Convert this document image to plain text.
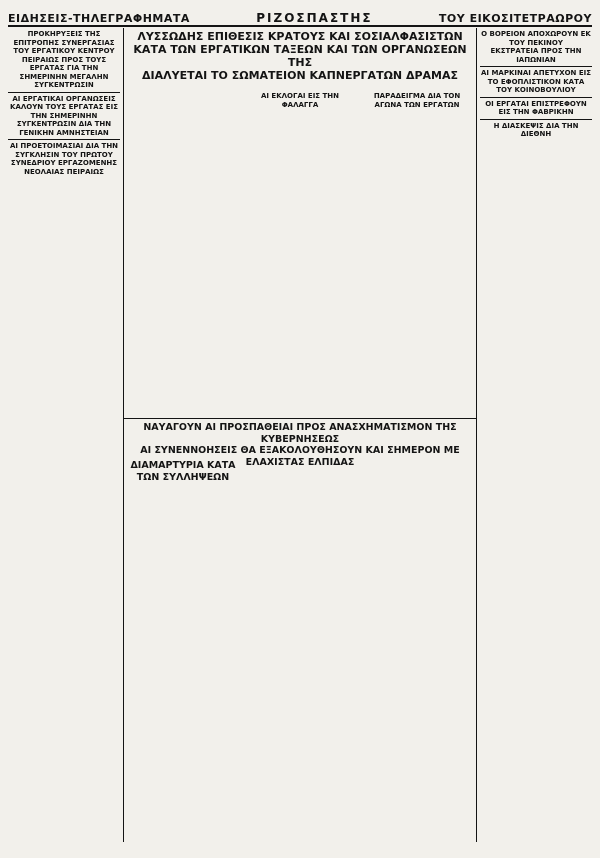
ΕΙΔΗΣΕΙΣ-ΤΗΛΕΓΡΑΦΗΜΑΤΑ	ΡΙΖΟΣΠΑΣΤΗΣ	ΤΟΥ ΕΙΚΟΣΙΤΕΤΡΑΩΡΟΥ

ΠΡΟΚΗΡΥΞΕΙΣ ΤΗΣ ΕΠΙΤΡΟΠΗΣ ΣΥΝΕΡΓΑΣΙΑΣ ΤΟΥ ΕΡΓΑΤΙΚΟΥ ΚΕΝΤΡΟΥ ΠΕΙΡΑΙΩΣ ΠΡΟΣ ΤΟΥΣ ΕΡΓΑΤΑΣ ΓΙΑ ΤΗΝ ΣΗΜΕΡΙΝΗΝ ΜΕΓΑΛΗΝ ΣΥΓΚΕΝΤΡΩΣΙΝ

ΑΙ ΕΡΓΑΤΙΚΑΙ ΟΡΓΑΝΩΣΕΙΣ ΚΑΛΟΥΝ ΤΟΥΣ ΕΡΓΑΤΑΣ ΕΙΣ ΤΗΝ ΣΗΜΕΡΙΝΗΝ ΣΥΓΚΕΝΤΡΩΣΙΝ ΔΙΑ ΤΗΝ ΓΕΝΙΚΗΝ ΑΜΝΗΣΤΕΙΑΝ

ΑΙ ΠΡΟΕΤΟΙΜΑΣΙΑΙ ΔΙΑ ΤΗΝ ΣΥΓΚΛΗΣΙΝ ΤΟΥ ΠΡΩΤΟΥ ΣΥΝΕΔΡΙΟΥ ΕΡΓΑΖΟΜΕΝΗΣ ΝΕΟΛΑΙΑΣ ΠΕΙΡΑΙΩΣ

ΛΥΣΣΩΔΗΣ ΕΠΙΘΕΣΙΣ ΚΡΑΤΟΥΣ ΚΑΙ ΣΟΣΙΑΛΦΑΣΙΣΤΩΝ

ΚΑΤΑ ΤΩΝ ΕΡΓΑΤΙΚΩΝ ΤΑΞΕΩΝ ΚΑΙ ΤΩΝ ΟΡΓΑΝΩΣΕΩΝ ΤΗΣ

ΔΙΑΛΥΕΤΑΙ ΤΟ ΣΩΜΑΤΕΙΟΝ ΚΑΠΝΕΡΓΑΤΩΝ ΔΡΑΜΑΣ

ΑΙ ΕΚΛΟΓΑΙ ΕΙΣ ΤΗΝ ΦΑΛΑΓΓΑ

ΠΑΡΑΔΕΙΓΜΑ ΔΙΑ ΤΟΝ ΑΓΩΝΑ ΤΩΝ ΕΡΓΑΤΩΝ

ΝΑΥΑΓΟΥΝ ΑΙ ΠΡΟΣΠΑΘΕΙΑΙ ΠΡΟΣ ΑΝΑΣΧΗΜΑΤΙΣΜΟΝ ΤΗΣ ΚΥΒΕΡΝΗΣΕΩΣ

ΑΙ ΣΥΝΕΝΝΟΗΣΕΙΣ ΘΑ ΕΞΑΚΟΛΟΥΘΗΣΟΥΝ ΚΑΙ ΣΗΜΕΡΟΝ ΜΕ ΕΛΑΧΙΣΤΑΣ ΕΛΠΙΔΑΣ

ΔΙΑΜΑΡΤΥΡΙΑ ΚΑΤΑ ΤΩΝ ΣΥΛΛΗΨΕΩΝ

Ο ΒΟΡΕΙΟΝ ΑΠΟΧΩΡΟΥΝ ΕΚ ΤΟΥ ΠΕΚΙΝΟΥ

ΕΚΣΤΡΑΤΕΙΑ ΠΡΟΣ ΤΗΝ ΙΑΠΩΝΙΑΝ

ΑΙ ΜΑΡΚΙΝΑΙ ΑΠΕΤΥΧΟΝ ΕΙΣ ΤΟ ΕΦΟΠΛΙΣΤΙΚΟΝ ΚΑΤΑ ΤΟΥ ΚΟΙΝΟΒΟΥΛΙΟΥ

ΟΙ ΕΡΓΑΤΑΙ ΕΠΙΣΤΡΕΦΟΥΝ ΕΙΣ ΤΗΝ ΦΑΒΡΙΚΗΝ

Η ΔΙΑΣΚΕΨΙΣ ΔΙΑ ΤΗΝ ΔΙΕΘΝΗ
